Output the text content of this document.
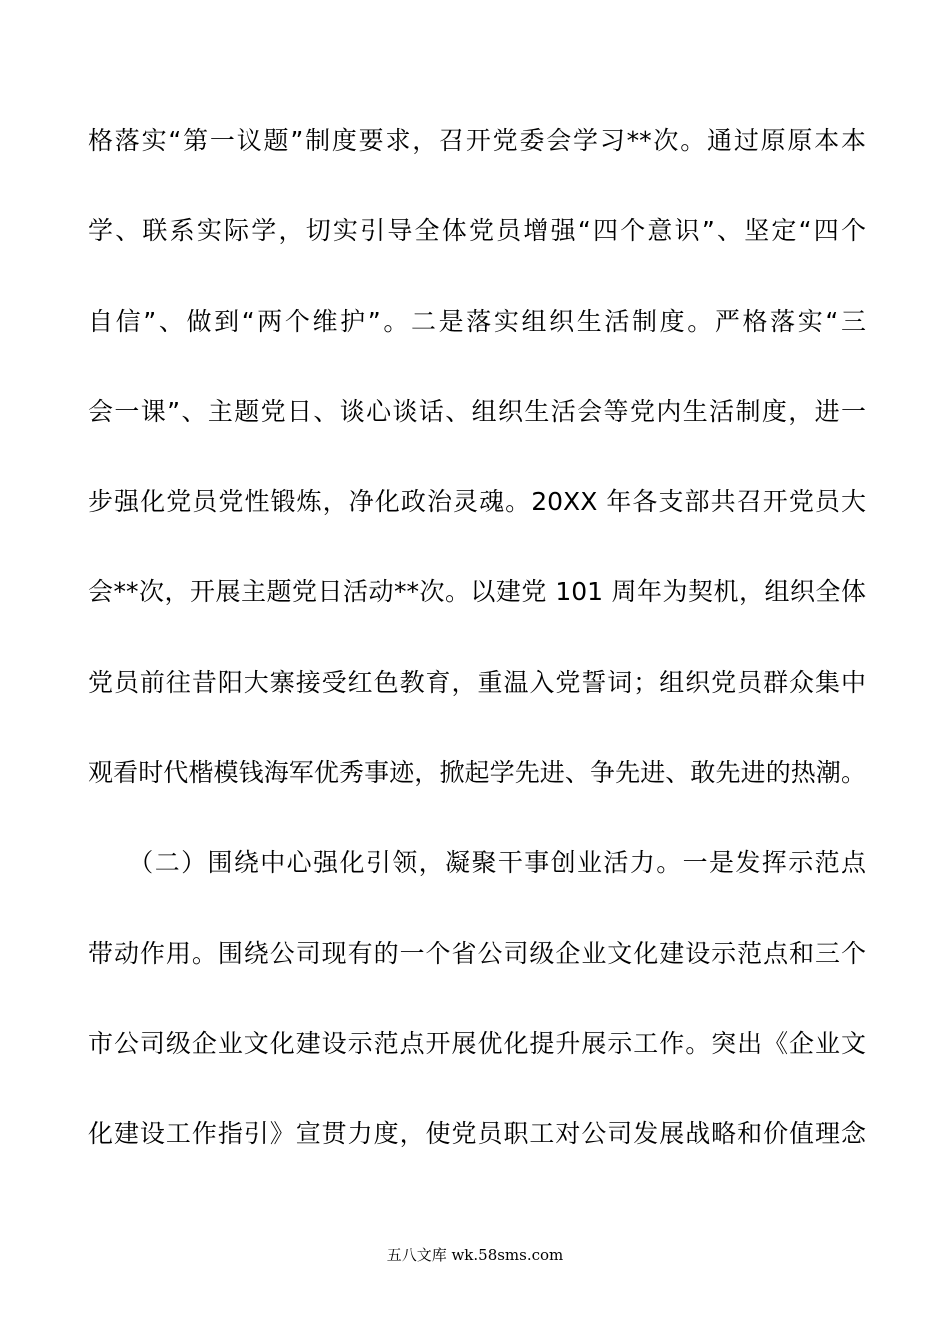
格落实“第一议题”制度要求，召开党委会学习**次。通过原原本本
学、联系实际学，切实引导全体党员增强“四个意识”、坚定“四个
自信”、做到“两个维护”。二是落实组织生活制度。严格落实“三
会一课”、主题党日、谈心谈话、组织生活会等党内生活制度，进一
步强化党员党性锻炼，净化政治灵魂。20XX 年各支部共召开党员大
会**次，开展主题党日活动**次。以建党 101 周年为契机，组织全体
党员前往昔阳大寨接受红色教育，重温入党誓词；组织党员群众集中
观看时代楷模钱海军优秀事迹，掀起学先进、争先进、敢先进的热潮。
　　（二）围绕中心强化引领，凝聚干事创业活力。一是发挥示范点
带动作用。围绕公司现有的一个省公司级企业文化建设示范点和三个
市公司级企业文化建设示范点开展优化提升展示工作。突出《企业文
化建设工作指引》宣贯力度，使党员职工对公司发展战略和价值理念
五八文库 wk.58sms.com
